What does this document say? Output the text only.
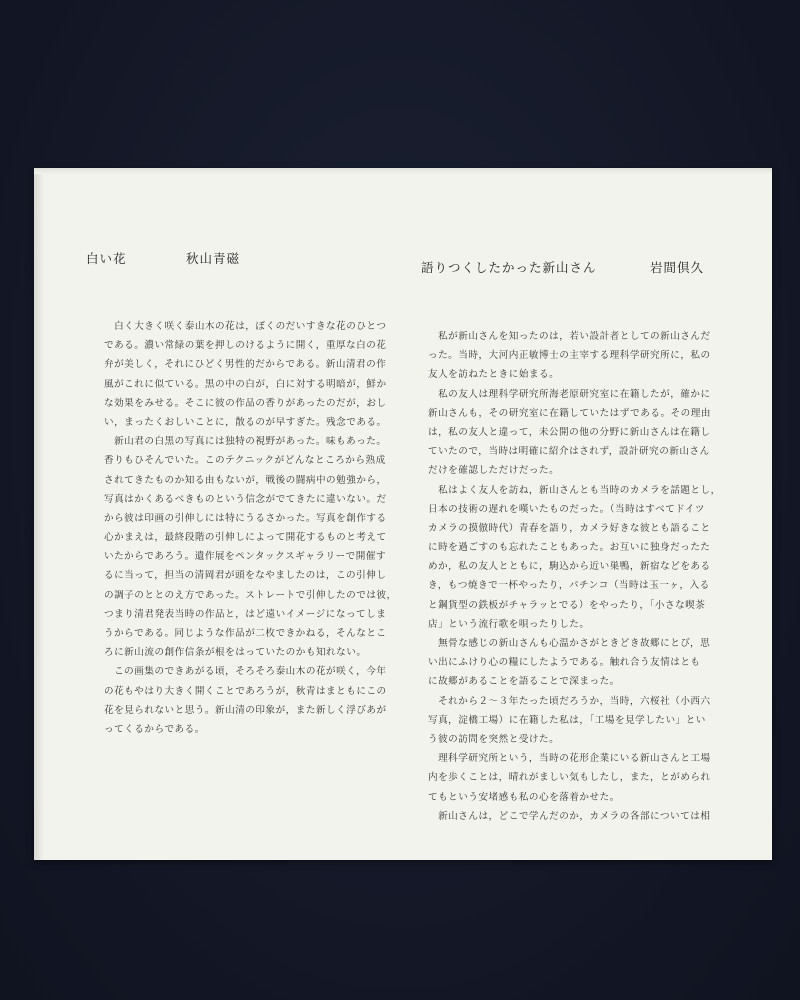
白い花	秋山青磁
語りつくしたかった新山さん	岩間倶久
　白く大きく咲く泰山木の花は，ぼくのだいすきな花のひとつ
である。濃い常緑の葉を押しのけるように開く，重厚な白の花
弁が美しく，それにひどく男性的だからである。新山清君の作
風がこれに似ている。黒の中の白が，白に対する明暗が，鮮か
な効果をみせる。そこに彼の作品の香りがあったのだが，おし
い，まったくおしいことに，散るのが早すぎた。残念である。
　新山君の白黒の写真には独特の視野があった。味もあった。
香りもひそんでいた。このテクニックがどんなところから熟成
されてきたものか知る由もないが，戦後の闘病中の勉強から，
写真はかくあるべきものという信念がでてきたに違いない。だ
から彼は印画の引伸しには特にうるさかった。写真を創作する
心かまえは，最終段階の引伸しによって開花するものと考えて
いたからであろう。遺作展をペンタックスギャラリーで開催す
るに当って，担当の清岡君が頭をなやましたのは，この引伸し
の調子のととのえ方であった。ストレートで引伸したのでは彼，
つまり清君発表当時の作品と，はど遠いイメージになってしま
うからである。同じような作品が二枚できかねる，そんなとこ
ろに新山流の創作信条が根をはっていたのかも知れない。
　この画集のできあがる頃，そろそろ泰山木の花が咲く，今年
の花もやはり大きく開くことであろうが，秋青はまともにこの
花を見られないと思う。新山清の印象が，また新しく浮びあが
ってくるからである。
　私が新山さんを知ったのは，若い設計者としての新山さんだ
った。当時，大河内正敏博士の主宰する理科学研究所に，私の
友人を訪ねたときに始まる。
　私の友人は理科学研究所海老原研究室に在籍したが，確かに
新山さんも，その研究室に在籍していたはずである。その理由
は，私の友人と違って，未公開の他の分野に新山さんは在籍し
ていたので，当時は明確に紹介はされず，設計研究の新山さん
だけを確認しただけだった。
　私はよく友人を訪ね，新山さんとも当時のカメラを話題とし，
日本の技術の遅れを嘆いたものだった。（当時はすべてドイツ
カメラの摸倣時代）青春を語り，カメラ好きな彼とも語ること
に時を過ごすのも忘れたこともあった。お互いに独身だったた
めか，私の友人とともに，駒込から近い巣鴨，新宿などをある
き，もつ焼きで一杯やったり，パチンコ（当時は玉一ヶ，入る
と鋼貨型の鉄板がチャラッとでる）をやったり，「小さな喫茶
店」という流行歌を唄ったりした。
　無骨な感じの新山さんも心温かさがときどき故郷にとび，思
い出にふけり心の糧にしたようである。触れ合う友情はとも
に故郷があることを語ることで深まった。
　それから２～３年たった頃だろうか，当時，六桜社（小西六
写真，淀橋工場）に在籍した私は，「工場を見学したい」とい
う彼の訪問を突然と受けた。
　理科学研究所という，当時の花形企業にいる新山さんと工場
内を歩くことは，晴れがましい気もしたし，また，とがめられ
てもという安堵感も私の心を落着かせた。
　新山さんは，どこで学んだのか，カメラの各部については相
